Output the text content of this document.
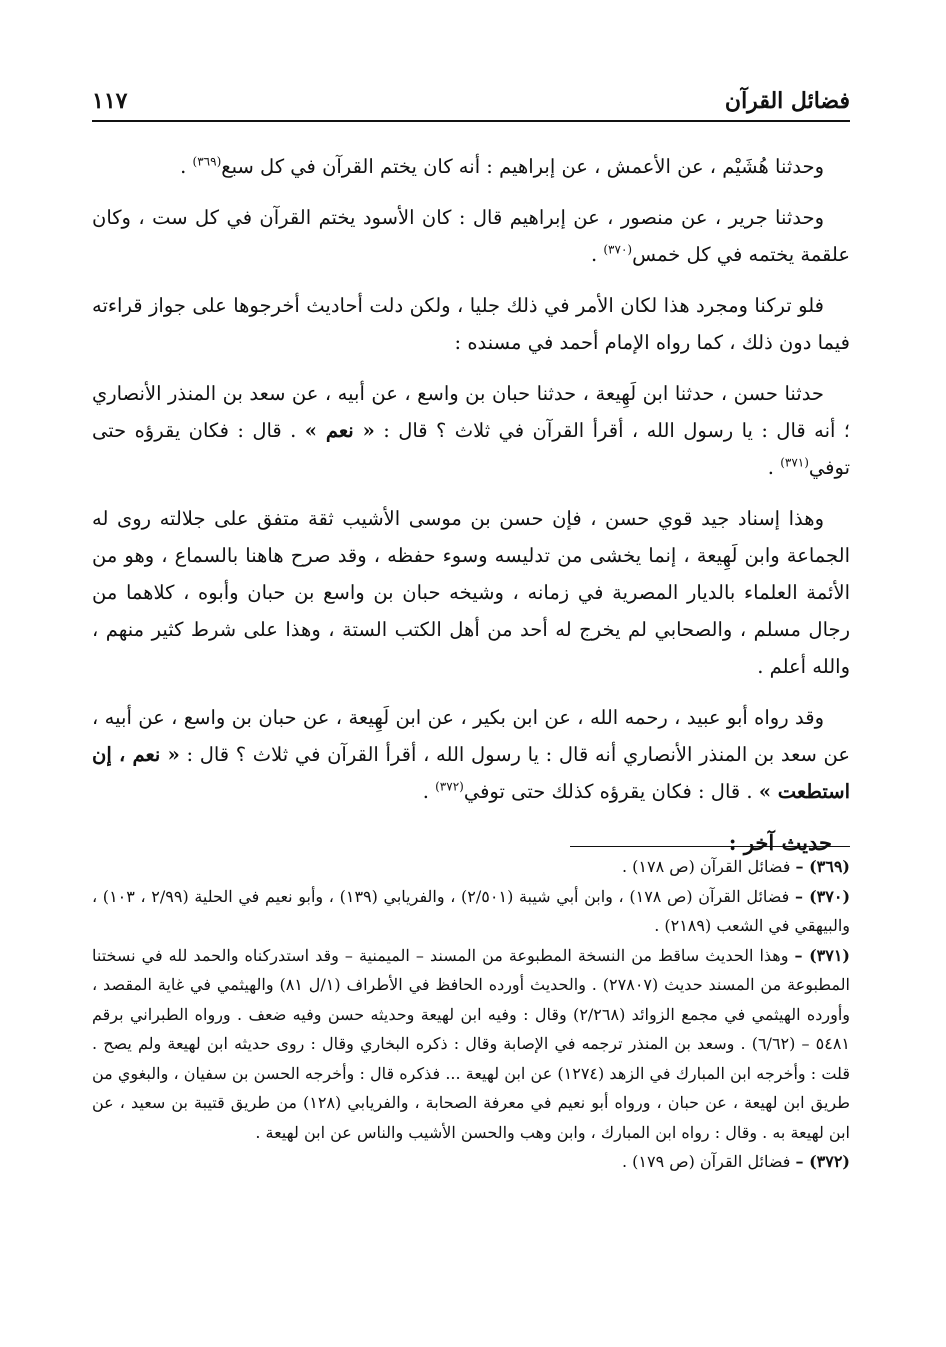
فضائل القرآن
١١٧

وحدثنا هُشَيْم ، عن الأعمش ، عن إبراهيم : أنه كان يختم القرآن في كل سبع$^{(٣٦٩)}$ .

وحدثنا جرير ، عن منصور ، عن إبراهيم قال : كان الأسود يختم القرآن في كل ست ، وكان علقمة يختمه في كل خمس$^{(٣٧٠)}$ .

فلو تركنا ومجرد هذا لكان الأمر في ذلك جليا ، ولكن دلت أحاديث أخرجوها على جواز قراءته فيما دون ذلك ، كما رواه الإمام أحمد في مسنده :

حدثنا حسن ، حدثنا ابن لَهِيعة ، حدثنا حبان بن واسع ، عن أبيه ، عن سعد بن المنذر الأنصاري ؛ أنه قال : يا رسول الله ، أقرأ القرآن في ثلاث ؟ قال : « نعم » . قال : فكان يقرؤه حتى توفي$^{(٣٧١)}$ .

وهذا إسناد جيد قوي حسن ، فإن حسن بن موسى الأشيب ثقة متفق على جلالته روى له الجماعة وابن لَهِيعة ، إنما يخشى من تدليسه وسوء حفظه ، وقد صرح هاهنا بالسماع ، وهو من الأئمة العلماء بالديار المصرية في زمانه ، وشيخه حبان بن واسع بن حبان وأبوه ، كلاهما من رجال مسلم ، والصحابي لم يخرج له أحد من أهل الكتب الستة ، وهذا على شرط كثير منهم ، والله أعلم .

وقد رواه أبو عبيد ، رحمه الله ، عن ابن بكير ، عن ابن لَهِيعة ، عن حبان بن واسع ، عن أبيه ، عن سعد بن المنذر الأنصاري أنه قال : يا رسول الله ، أقرأ القرآن في ثلاث ؟ قال : « نعم ، إن استطعت » . قال : فكان يقرؤه كذلك حتى توفي$^{(٣٧٢)}$ .

حديث آخر :

(٣٦٩) – فضائل القرآن (ص ١٧٨) .

(٣٧٠) – فضائل القرآن (ص ١٧٨) ، وابن أبي شيبة (٢/٥٠١) ، والفريابي (١٣٩) ، وأبو نعيم في الحلية (٢/٩٩ ، ١٠٣) ، والبيهقي في الشعب (٢١٨٩) .

(٣٧١) – وهذا الحديث ساقط من النسخة المطبوعة من المسند – الميمنية – وقد استدركناه والحمد لله في نسختنا المطبوعة من المسند حديث (٢٧٨٠٧) . والحديث أورده الحافظ في الأطراف (١/ل ٨١) والهيثمي في غاية المقصد ، وأورده الهيثمي في مجمع الزوائد (٢/٢٦٨) وقال : وفيه ابن لهيعة وحديثه حسن وفيه ضعف . ورواه الطبراني برقم ٥٤٨١ – (٦/٦٢) . وسعد بن المنذر ترجمه في الإصابة وقال : ذكره البخاري وقال : روى حديثه ابن لهيعة ولم يصح . قلت : وأخرجه ابن المبارك في الزهد (١٢٧٤) عن ابن لهيعة ... فذكره قال : وأخرجه الحسن بن سفيان ، والبغوي من طريق ابن لهيعة ، عن حبان ، ورواه أبو نعيم في معرفة الصحابة ، والفريابي (١٢٨) من طريق قتيبة بن سعيد ، عن ابن لهيعة به . وقال : رواه ابن المبارك ، وابن وهب والحسن الأشيب والناس عن ابن لهيعة .

(٣٧٢) – فضائل القرآن (ص ١٧٩) .
